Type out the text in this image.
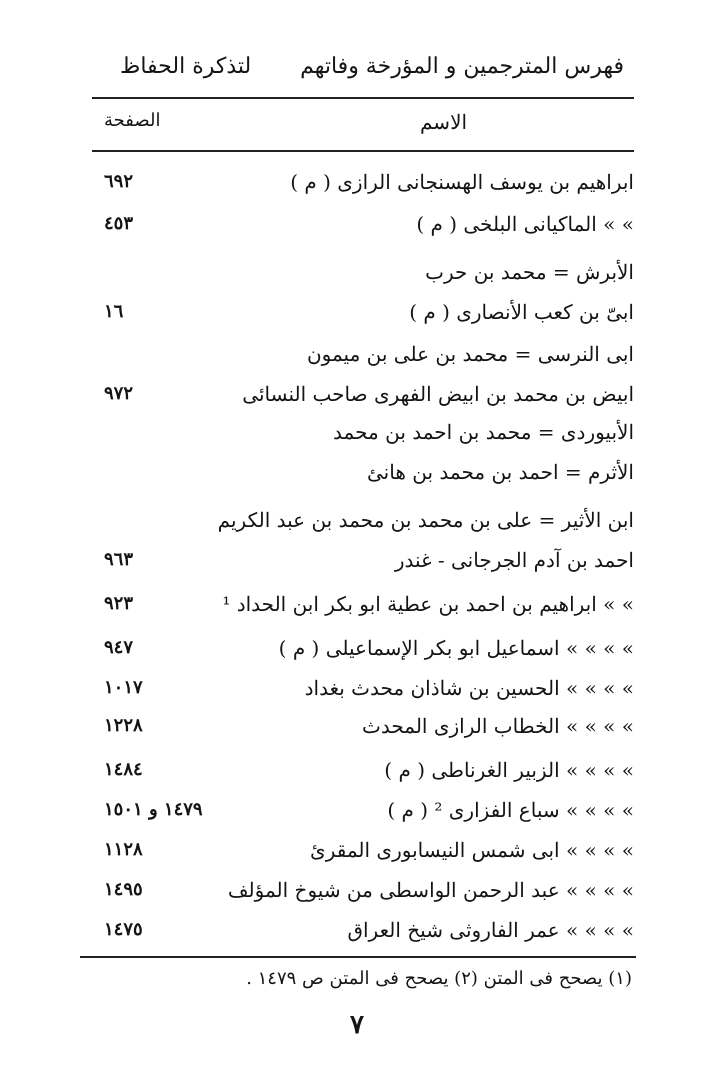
فهرس المترجمين و المؤرخة وفاتهم
لتذكرة الحفاظ
الاسم
الصفحة
ابراهيم بن يوسف الهسنجانى الرازى ( م )
٦٩٢
» » الماكيانى البلخى ( م )
٤٥٣
الأبرش = محمد بن حرب
ابىّ بن كعب الأنصارى ( م )
١٦
ابى النرسى = محمد بن على بن ميمون
ابيض بن محمد بن ابيض الفهرى صاحب النسائى
٩٧٢
الأبيوردى = محمد بن احمد بن محمد
الأثرم = احمد بن محمد بن هانئ
ابن الأثير = على بن محمد بن محمد بن عبد الكريم
احمد بن آدم الجرجانى - غندر
٩٦٣
» » ابراهيم بن احمد بن عطية ابو بكر ابن الحداد ¹
٩٢٣
» » » » اسماعيل ابو بكر الإسماعيلى ( م )
٩٤٧
» » » » الحسين بن شاذان محدث بغداد
١٠١٧
» » » » الخطاب الرازى المحدث
١٢٢٨
» » » » الزبير الغرناطى ( م )
١٤٨٤
» » » » سباع الفزارى ² ( م )
١٤٧٩ و ١٥٠١
» » » » ابى شمس النيسابورى المقرئ
١١٢٨
» » » » عبد الرحمن الواسطى من شيوخ المؤلف
١٤٩٥
» » » » عمر الفاروثى شيخ العراق
١٤٧٥
(١) يصحح فى المتن (٢) يصحح فى المتن ص ١٤٧٩ .
٧
